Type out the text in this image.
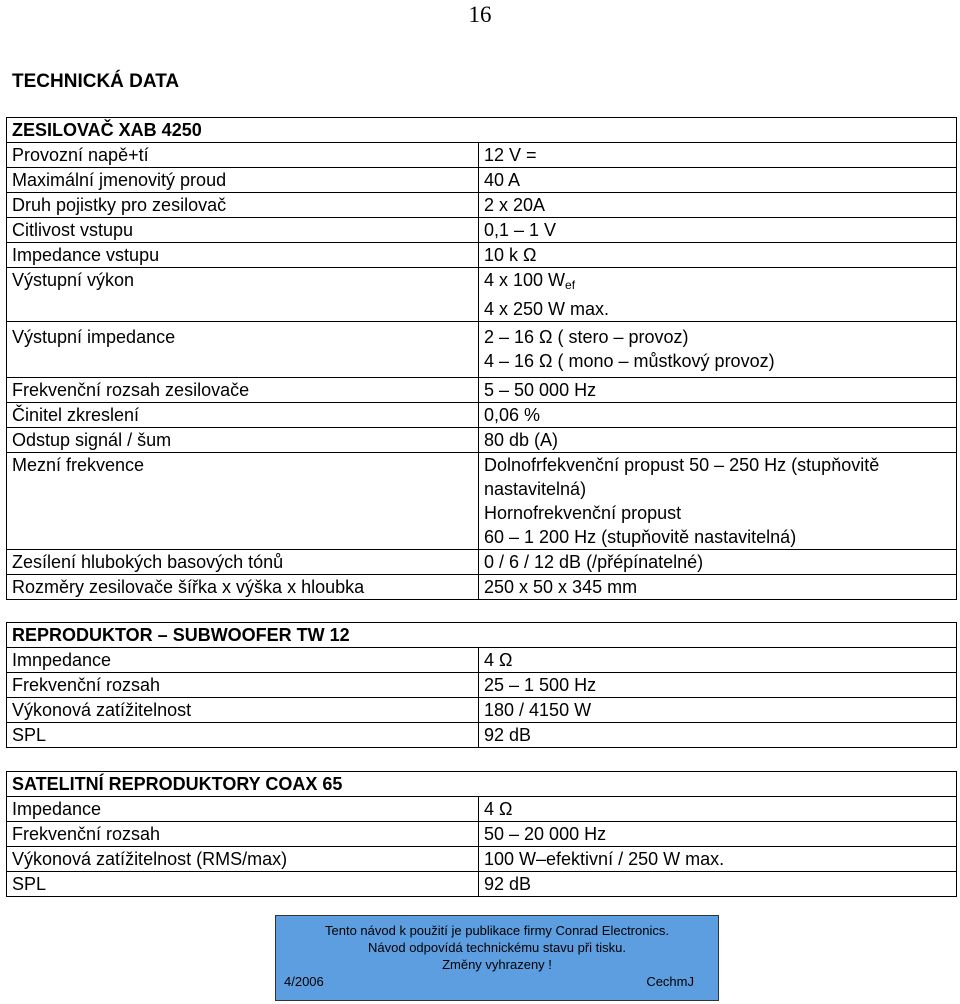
16
TECHNICKÁ DATA
ZESILOVAČ XAB 4250	
Provozní napě+tí	12 V =
Maximální jmenovitý proud	40 A
Druh pojistky pro zesilovač	2 x 20A
Citlivost vstupu	0,1 – 1 V
Impedance vstupu	10 k Ω
Výstupní výkon	4 x 100 $W_{ef}$
4 x 250 W max.

Výstupní impedance	2 – 16 Ω ( stero – provoz)
4 – 16 Ω ( mono – můstkový provoz)

Frekvenční rozsah zesilovače	5 – 50 000 Hz
Činitel zkreslení	0,06 %
Odstup signál / šum	80 db (A)
Mezní frekvence	Dolnofrfekvenční propust 50 – 250 Hz (stupňovitě nastavitelná)
Hornofrekvenční propust
60 – 1 200 Hz (stupňovitě nastavitelná)

Zesílení hlubokých basových tónů	0 / 6 / 12 dB (/přépínatelné)
Rozměry zesilovače šířka x výška x hloubka	250 x 50 x 345 mm
REPRODUKTOR – SUBWOOFER TW 12	
Imnpedance	4 Ω
Frekvenční rozsah	25 – 1 500 Hz
Výkonová zatížitelnost	180 / 4150 W
SPL	92 dB
SATELITNÍ REPRODUKTORY COAX 65	
Impedance	4 Ω
Frekvenční rozsah	50 – 20 000 Hz
Výkonová zatížitelnost (RMS/max)	100 W–efektivní / 250 W max.
SPL	92 dB
Tento návod k použití je publikace firmy Conrad Electronics.
Návod odpovídá technickému stavu při tisku.
Změny vyhrazeny !
4/2006	CechmJ
